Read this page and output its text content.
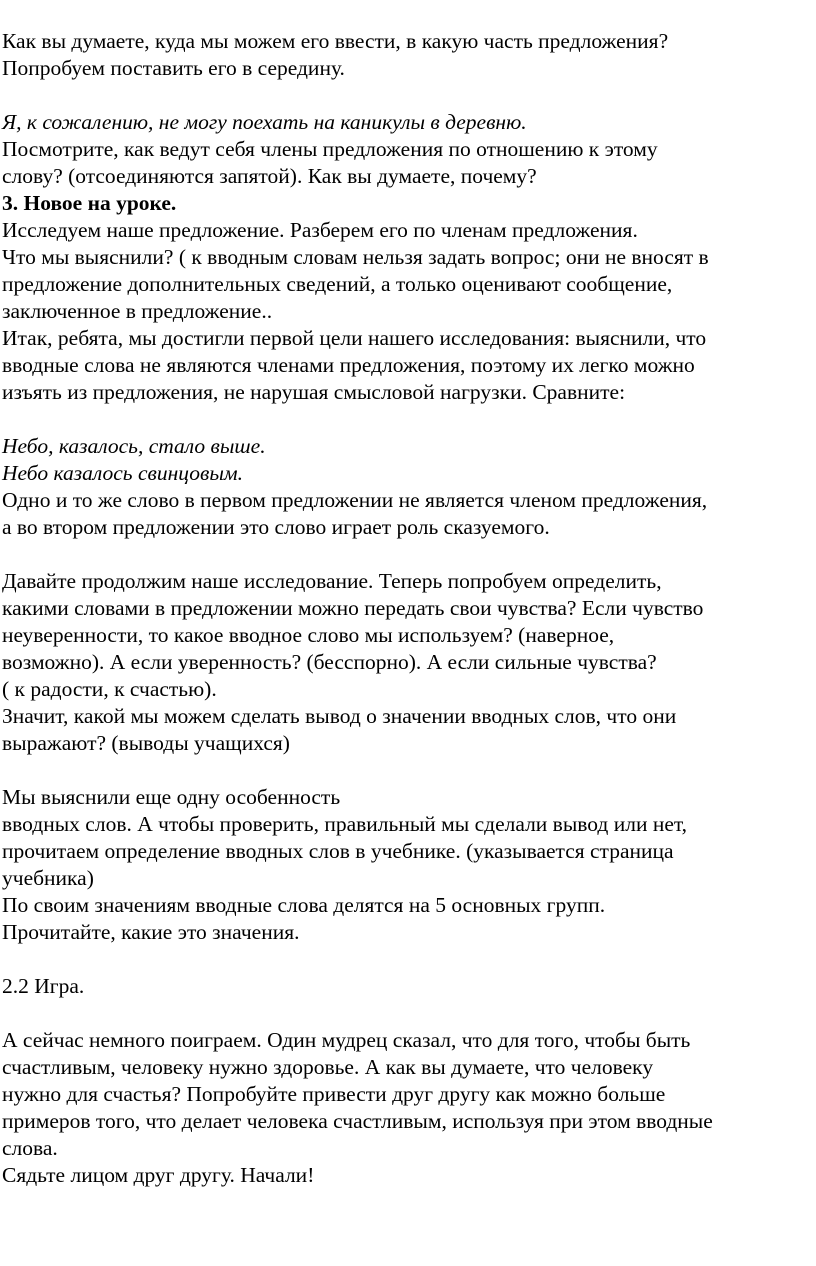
Как вы думаете, куда мы можем его ввести, в какую часть предложения?
Попробуем поставить его в середину.
Я, к сожалению, не могу поехать на каникулы в деревню.
Посмотрите, как ведут себя члены предложения по отношению к этому
слову? (отсоединяются запятой). Как вы думаете, почему?
3. Новое на уроке.
Исследуем наше предложение. Разберем его по членам предложения.
Что мы выяснили? ( к вводным словам нельзя задать вопрос; они не вносят в
предложение дополнительных сведений, а только оценивают сообщение,
заключенное в предложение..
Итак, ребята, мы достигли первой цели нашего исследования: выяснили, что
вводные слова не являются членами предложения, поэтому их легко можно
изъять из предложения, не нарушая смысловой нагрузки. Сравните:
Небо, казалось, стало выше.
Небо казалось свинцовым.
Одно и то же слово в первом предложении не является членом предложения,
а во втором предложении это слово играет роль сказуемого.
Давайте продолжим наше исследование. Теперь попробуем определить,
какими словами в предложении можно передать свои чувства? Если чувство
неуверенности, то какое вводное слово мы используем? (наверное,
возможно). А если уверенность? (бесспорно). А если сильные чувства?
( к радости, к счастью).
Значит, какой мы можем сделать вывод о значении вводных слов, что они
выражают? (выводы учащихся)
Мы выяснили еще одну особенность
вводных слов. А чтобы проверить, правильный мы сделали вывод или нет,
прочитаем определение вводных слов в учебнике. (указывается страница
учебника)
По своим значениям вводные слова делятся на 5 основных групп.
Прочитайте, какие это значения.
2.2 Игра.
А сейчас немного поиграем. Один мудрец сказал, что для того, чтобы быть
счастливым, человеку нужно здоровье. А как вы думаете, что человеку
нужно для счастья? Попробуйте привести друг другу как можно больше
примеров того, что делает человека счастливым, используя при этом вводные
слова.
Сядьте лицом друг другу. Начали!
